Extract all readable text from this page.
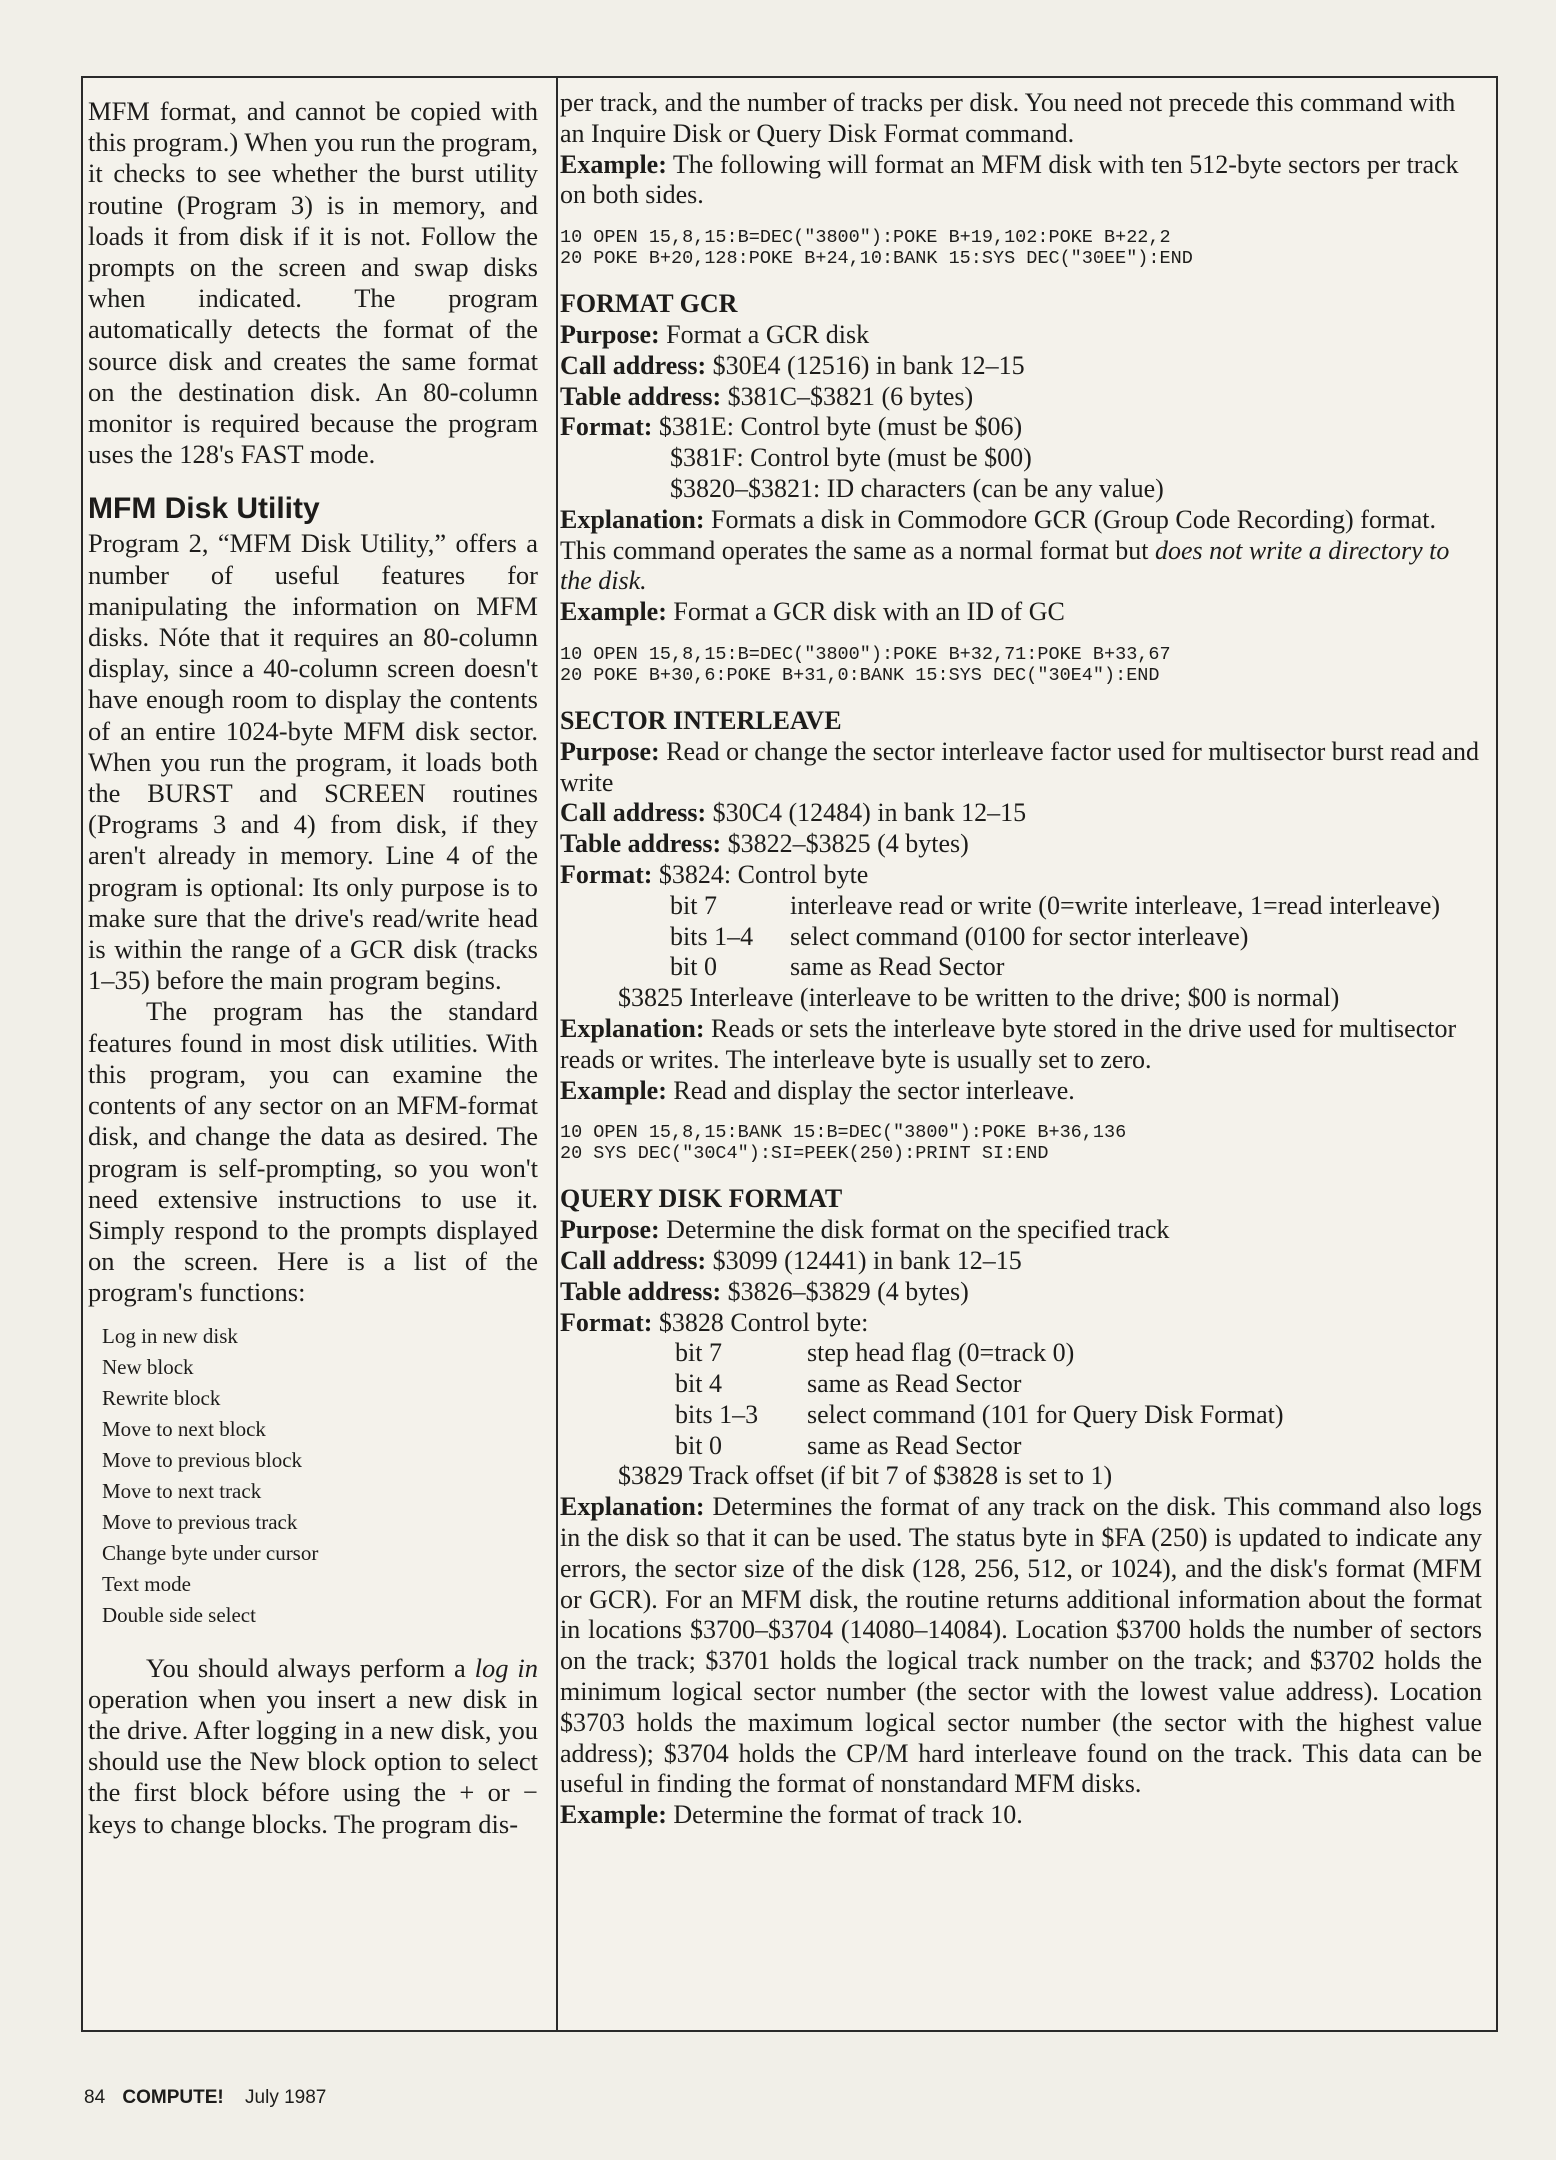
MFM format, and cannot be copied with this program.) When you run the program, it checks to see whether the burst utility routine (Program 3) is in memory, and loads it from disk if it is not. Follow the prompts on the screen and swap disks when indicated. The program automatically detects the format of the source disk and creates the same format on the destination disk. An 80-column monitor is required because the program uses the 128's FAST mode.

MFM Disk Utility

Program 2, “MFM Disk Utility,” offers a number of useful features for manipulating the information on MFM disks. Nóte that it requires an 80-column display, since a 40-column screen doesn't have enough room to display the contents of an entire 1024-byte MFM disk sector. When you run the program, it loads both the BURST and SCREEN routines (Programs 3 and 4) from disk, if they aren't already in memory. Line 4 of the program is optional: Its only purpose is to make sure that the drive's read/write head is within the range of a GCR disk (tracks 1–35) before the main program begins.

The program has the standard features found in most disk utilities. With this program, you can examine the contents of any sector on an MFM-format disk, and change the data as desired. The program is self-prompting, so you won't need extensive instructions to use it. Simply respond to the prompts displayed on the screen. Here is a list of the program's functions:

Log in new disk
New block
Rewrite block
Move to next block
Move to previous block
Move to next track
Move to previous track
Change byte under cursor
Text mode
Double side select

You should always perform a log in operation when you insert a new disk in the drive. After logging in a new disk, you should use the New block option to select the first block béfore using the + or − keys to change blocks. The program dis-

per track, and the number of tracks per disk. You need not precede this command with an Inquire Disk or Query Disk Format command.

Example: The following will format an MFM disk with ten 512-byte sectors per track on both sides.

10 OPEN 15,8,15:B=DEC("3800"):POKE B+19,102:POKE B+22,2
20 POKE B+20,128:POKE B+24,10:BANK 15:SYS DEC("30EE"):END
FORMAT GCR

Purpose: Format a GCR disk

Call address: $30E4 (12516) in bank 12–15

Table address: $381C–$3821 (6 bytes)

Format: $381E: Control byte (must be $06)

$381F: Control byte (must be $00)

$3820–$3821: ID characters (can be any value)

Explanation: Formats a disk in Commodore GCR (Group Code Recording) format. This command operates the same as a normal format but does not write a directory to the disk.

Example: Format a GCR disk with an ID of GC

10 OPEN 15,8,15:B=DEC("3800"):POKE B+32,71:POKE B+33,67
20 POKE B+30,6:POKE B+31,0:BANK 15:SYS DEC("30E4"):END
SECTOR INTERLEAVE

Purpose: Read or change the sector interleave factor used for multisector burst read and write

Call address: $30C4 (12484) in bank 12–15

Table address: $3822–$3825 (4 bytes)

Format: $3824: Control byte

bit 7	interleave read or write (0=write interleave, 1=read interleave)
bits 1–4	select command (0100 for sector interleave)
bit 0	same as Read Sector

$3825 Interleave (interleave to be written to the drive; $00 is normal)

Explanation: Reads or sets the interleave byte stored in the drive used for multisector reads or writes. The interleave byte is usually set to zero.

Example: Read and display the sector interleave.

10 OPEN 15,8,15:BANK 15:B=DEC("3800"):POKE B+36,136
20 SYS DEC("30C4"):SI=PEEK(250):PRINT SI:END
QUERY DISK FORMAT

Purpose: Determine the disk format on the specified track

Call address: $3099 (12441) in bank 12–15

Table address: $3826–$3829 (4 bytes)

Format: $3828 Control byte:

bit 7	step head flag (0=track 0)
bit 4	same as Read Sector
bits 1–3	select command (101 for Query Disk Format)
bit 0	same as Read Sector

$3829 Track offset (if bit 7 of $3828 is set to 1)

Explanation: Determines the format of any track on the disk. This command also logs in the disk so that it can be used. The status byte in $FA (250) is updated to indicate any errors, the sector size of the disk (128, 256, 512, or 1024), and the disk's format (MFM or GCR). For an MFM disk, the routine returns additional information about the format in locations $3700–$3704 (14080–14084). Location $3700 holds the number of sectors on the track; $3701 holds the logical track number on the track; and $3702 holds the minimum logical sector number (the sector with the lowest value address). Location $3703 holds the maximum logical sector number (the sector with the highest value address); $3704 holds the CP/M hard interleave found on the track. This data can be useful in finding the format of nonstandard MFM disks.

Example: Determine the format of track 10.

84 COMPUTE! July 1987
